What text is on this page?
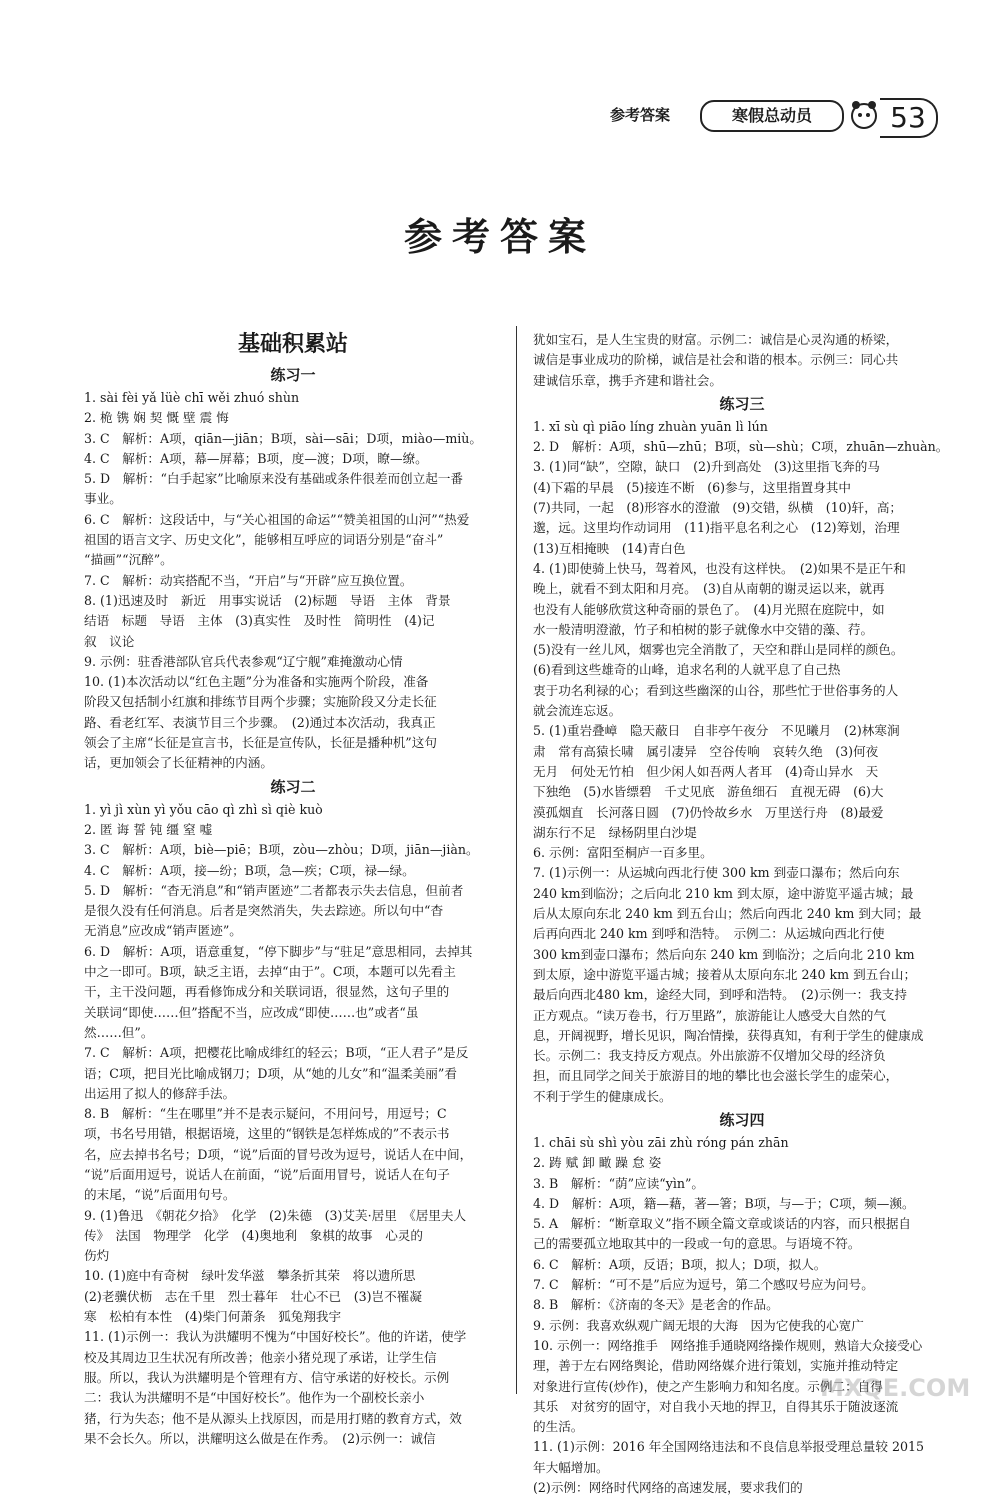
参考答案	寒假总动员	53
参考答案
基础积累站
练习一
1. sài fèi yǎ lüè chī wěi zhuó shùn
2. 桅 镌 娴 契 慨 壁 震 悔
3. C　解析：A项，qiān—jiān；B项，sài—sāi；D项，miào—miù。
4. C　解析：A项，幕—屏幕；B项，度—渡；D项，瞭—缭。
5. D　解析：“白手起家”比喻原来没有基础或条件很差而创立起一番
事业。
6. C　解析：这段话中，与“关心祖国的命运”“赞美祖国的山河”“热爱
祖国的语言文字、历史文化”，能够相互呼应的词语分别是“奋斗”
“描画”“沉醉”。
7. C　解析：动宾搭配不当，“开启”与“开辟”应互换位置。
8. (1)迅速及时　新近　用事实说话　(2)标题　导语　主体　背景
结语　标题　导语　主体　(3)真实性　及时性　简明性　(4)记
叙　议论
9. 示例：驻香港部队官兵代表参观“辽宁舰”难掩激动心情
10. (1)本次活动以“红色主题”分为准备和实施两个阶段，准备
阶段又包括制小红旗和排练节目两个步骤；实施阶段又分走长征
路、看老红军、表演节目三个步骤。　(2)通过本次活动，我真正
领会了主席“长征是宣言书，长征是宣传队，长征是播种机”这句
话，更加领会了长征精神的内涵。
练习二
1. yì jì xùn yì yǒu cāo qì zhì sì qiè kuò
2. 匿 诲 誓 钝 缰 窒 嘘
3. C　解析：A项，biè—piē；B项，zòu—zhòu；D项，jiān—jiàn。
4. C　解析：A项，接—纷；B项，急—疾；C项，禄—绿。
5. D　解析：“杳无消息”和“销声匿迹”二者都表示失去信息，但前者
是很久没有任何消息。后者是突然消失，失去踪迹。所以句中“杳
无消息”应改成“销声匿迹”。
6. D　解析：A项，语意重复，“停下脚步”与“驻足”意思相同，去掉其
中之一即可。B项，缺乏主语，去掉“由于”。C项，本题可以先看主
干，主干没问题，再看修饰成分和关联词语，很显然，这句子里的
关联词“即使……但”搭配不当，应改成“即使……也”或者“虽
然……但”。
7. C　解析：A项，把樱花比喻成绯红的轻云；B项，“正人君子”是反
语；C项，把目光比喻成钢刀；D项，从“她的儿女”和“温柔美丽”看
出运用了拟人的修辞手法。
8. B　解析：“生在哪里”并不是表示疑问，不用问号，用逗号；C
项，书名号用错，根据语境，这里的“钢铁是怎样炼成的”不表示书
名，应去掉书名号；D项，“说”后面的冒号改为逗号，说话人在中间，
“说”后面用逗号，说话人在前面，“说”后面用冒号，说话人在句子
的末尾，“说”后面用句号。
9. (1)鲁迅　《朝花夕拾》　化学　(2)朱德　(3)艾芙·居里　《居里夫人
传》　法国　物理学　化学　(4)奥地利　象棋的故事　心灵的
伤灼
10. (1)庭中有奇树　绿叶发华滋　攀条折其荣　将以遗所思
(2)老骥伏枥　志在千里　烈士暮年　壮心不已　(3)岂不罹凝
寒　松柏有本性　(4)柴门何萧条　狐兔翔我宇
11. (1)示例一：我认为洪耀明不愧为“中国好校长”。他的许诺，使学
校及其周边卫生状况有所改善；他亲小猪兑现了承诺，让学生信
服。所以，我认为洪耀明是个管理有方、信守承诺的好校长。示例
二：我认为洪耀明不是“中国好校长”。他作为一个副校长亲小
猪，行为失态；他不是从源头上找原因，而是用打赌的教育方式，效
果不会长久。所以，洪耀明这么做是在作秀。　(2)示例一：诚信
犹如宝石，是人生宝贵的财富。示例二：诚信是心灵沟通的桥梁，
诚信是事业成功的阶梯，诚信是社会和谐的根本。示例三：同心共
建诚信乐章，携手齐建和谐社会。
练习三
1. xī sù qì piāo líng zhuàn yuān lì lún
2. D　解析：A项，shū—zhū；B项，sù—shù；C项，zhuān—zhuàn。
3. (1)同“缺”，空隙，缺口　(2)升到高处　(3)这里指飞奔的马
(4)下霜的早晨　(5)接连不断　(6)参与，这里指置身其中
(7)共同，一起　(8)形容水的澄澈　(9)交错，纵横　(10)轩，高；
邈，远。这里均作动词用　(11)指平息名利之心　(12)筹划，治理
(13)互相掩映　(14)青白色
4. (1)即使骑上快马，驾着风，也没有这样快。　(2)如果不是正午和
晚上，就看不到太阳和月亮。　(3)自从南朝的谢灵运以来，就再
也没有人能够欣赏这种奇丽的景色了。　(4)月光照在庭院中，如
水一般清明澄澈，竹子和柏树的影子就像水中交错的藻、荇。
(5)没有一丝儿风，烟雾也完全消散了，天空和群山是同样的颜色。
(6)看到这些雄奇的山峰，追求名利的人就平息了自己热
衷于功名利禄的心；看到这些幽深的山谷，那些忙于世俗事务的人
就会流连忘返。
5. (1)重岩叠嶂　隐天蔽日　自非亭午夜分　不见曦月　(2)林寒涧
肃　常有高猿长啸　属引凄异　空谷传响　哀转久绝　(3)何夜
无月　何处无竹柏　但少闲人如吾两人者耳　(4)奇山异水　天
下独绝　(5)水皆缥碧　千丈见底　游鱼细石　直视无碍　(6)大
漠孤烟直　长河落日圆　(7)仍怜故乡水　万里送行舟　(8)最爱
湖东行不足　绿杨阴里白沙堤
6. 示例：富阳至桐庐一百多里。
7. (1)示例一：从运城向西北行使 300 km 到壶口瀑布；然后向东
240 km到临汾；之后向北 210 km 到太原，途中游览平遥古城；最
后从太原向东北 240 km 到五台山；然后向西北 240 km 到大同；最
后再向西北 240 km 到呼和浩特。　示例二：从运城向西北行使
300 km到壶口瀑布；然后向东 240 km 到临汾；之后向北 210 km
到太原，途中游览平遥古城；接着从太原向东北 240 km 到五台山；
最后向西北480 km，途经大同，到呼和浩特。　(2)示例一：我支持
正方观点。“读万卷书，行万里路”，旅游能让人感受大自然的气
息，开阔视野，增长见识，陶冶情操，获得真知，有利于学生的健康成
长。示例二：我支持反方观点。外出旅游不仅增加父母的经济负
担，而且同学之间关于旅游目的地的攀比也会滋长学生的虚荣心，
不利于学生的健康成长。
练习四
1. chāi sù shì yòu zāi zhù róng pán zhān
2. 踌 赋 卸 瞰 躁 怠 姿
3. B　解析：“荫”应读“yìn”。
4. D　解析：A项，籍—藉，著—箸；B项，与—于；C项，频—濒。
5. A　解析：“断章取义”指不顾全篇文章或谈话的内容，而只根据自
己的需要孤立地取其中的一段或一句的意思。与语境不符。
6. C　解析：A项，反语；B项，拟人；D项，拟人。
7. C　解析：“可不是”后应为逗号，第二个感叹号应为问号。
8. B　解析：《济南的冬天》是老舍的作品。
9. 示例：我喜欢纵观广阔无垠的大海　因为它使我的心宽广
10. 示例一：网络推手　网络推手通晓网络操作规则，熟谙大众接受心
理，善于左右网络舆论，借助网络媒介进行策划，实施并推动特定
对象进行宣传(炒作)，使之产生影响力和知名度。示例二：自得
其乐　对贫穷的固守，对自我小天地的捍卫，自得其乐于随波逐流
的生活。
11. (1)示例：2016 年全国网络违法和不良信息举报受理总量较 2015
年大幅增加。
(2)示例：网络时代网络的高速发展，要求我们的
MXQE.COM
